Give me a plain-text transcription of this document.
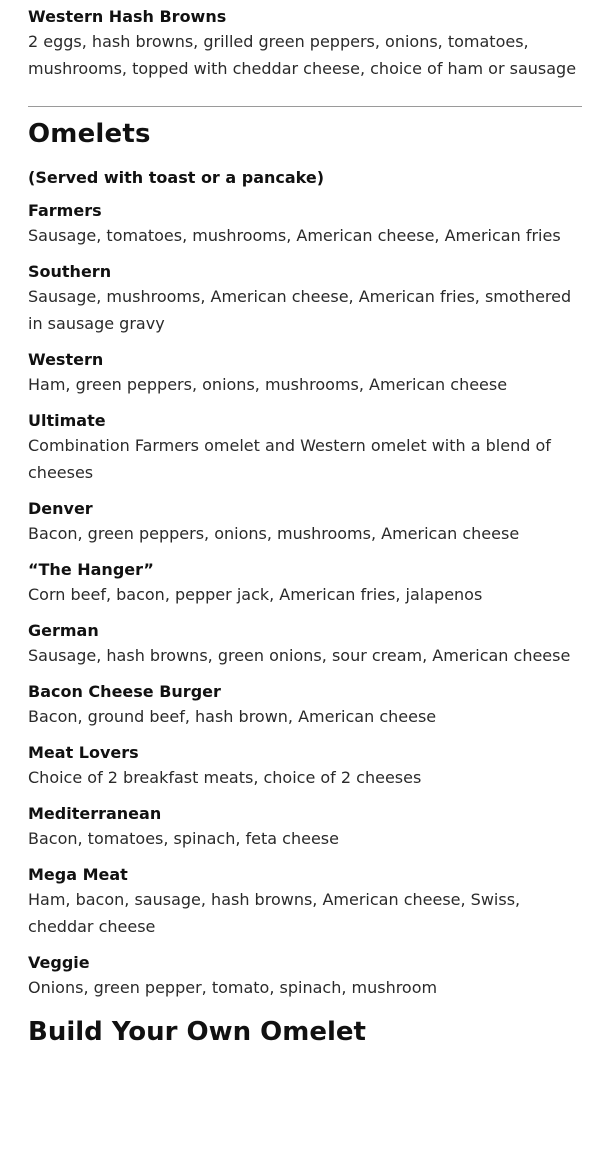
Western Hash Browns

2 eggs, hash browns, grilled green peppers, onions, tomatoes, mushrooms, topped with cheddar cheese, choice of ham or sausage

Omelets

(Served with toast or a pancake)

Farmers

Sausage, tomatoes, mushrooms, American cheese, American fries

Southern

Sausage, mushrooms, American cheese, American fries, smothered in sausage gravy

Western

Ham, green peppers, onions, mushrooms, American cheese

Ultimate

Combination Farmers omelet and Western omelet with a blend of cheeses

Denver

Bacon, green peppers, onions, mushrooms, American cheese

“The Hanger”

Corn beef, bacon, pepper jack, American fries, jalapenos

German

Sausage, hash browns, green onions, sour cream, American cheese

Bacon Cheese Burger

Bacon, ground beef, hash brown, American cheese

Meat Lovers

Choice of 2 breakfast meats, choice of 2 cheeses

Mediterranean

Bacon, tomatoes, spinach, feta cheese

Mega Meat

Ham, bacon, sausage, hash browns, American cheese, Swiss, cheddar cheese

Veggie

Onions, green pepper, tomato, spinach, mushroom

Build Your Own Omelet
